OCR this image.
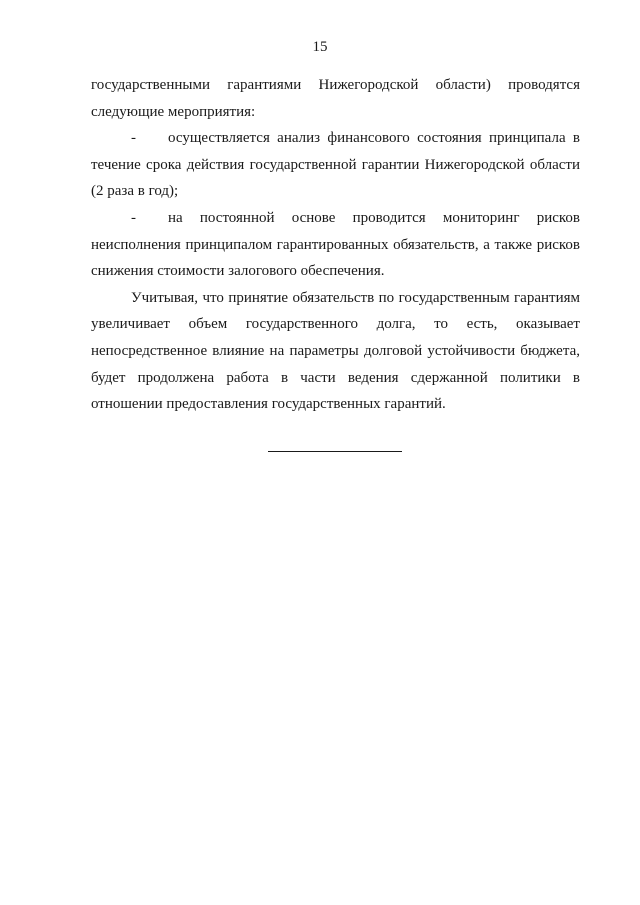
15
государственными гарантиями Нижегородской области) проводятся
следующие мероприятия:
- осуществляется анализ финансового состояния принципала в
течение срока действия государственной гарантии Нижегородской области
(2 раза в год);
- на постоянной основе проводится мониторинг рисков
неисполнения принципалом гарантированных обязательств, а также рисков
снижения стоимости залогового обеспечения.
Учитывая, что принятие обязательств по государственным гарантиям
увеличивает объем государственного долга, то есть, оказывает
непосредственное влияние на параметры долговой устойчивости бюджета,
будет продолжена работа в части ведения сдержанной политики в
отношении предоставления государственных гарантий.
